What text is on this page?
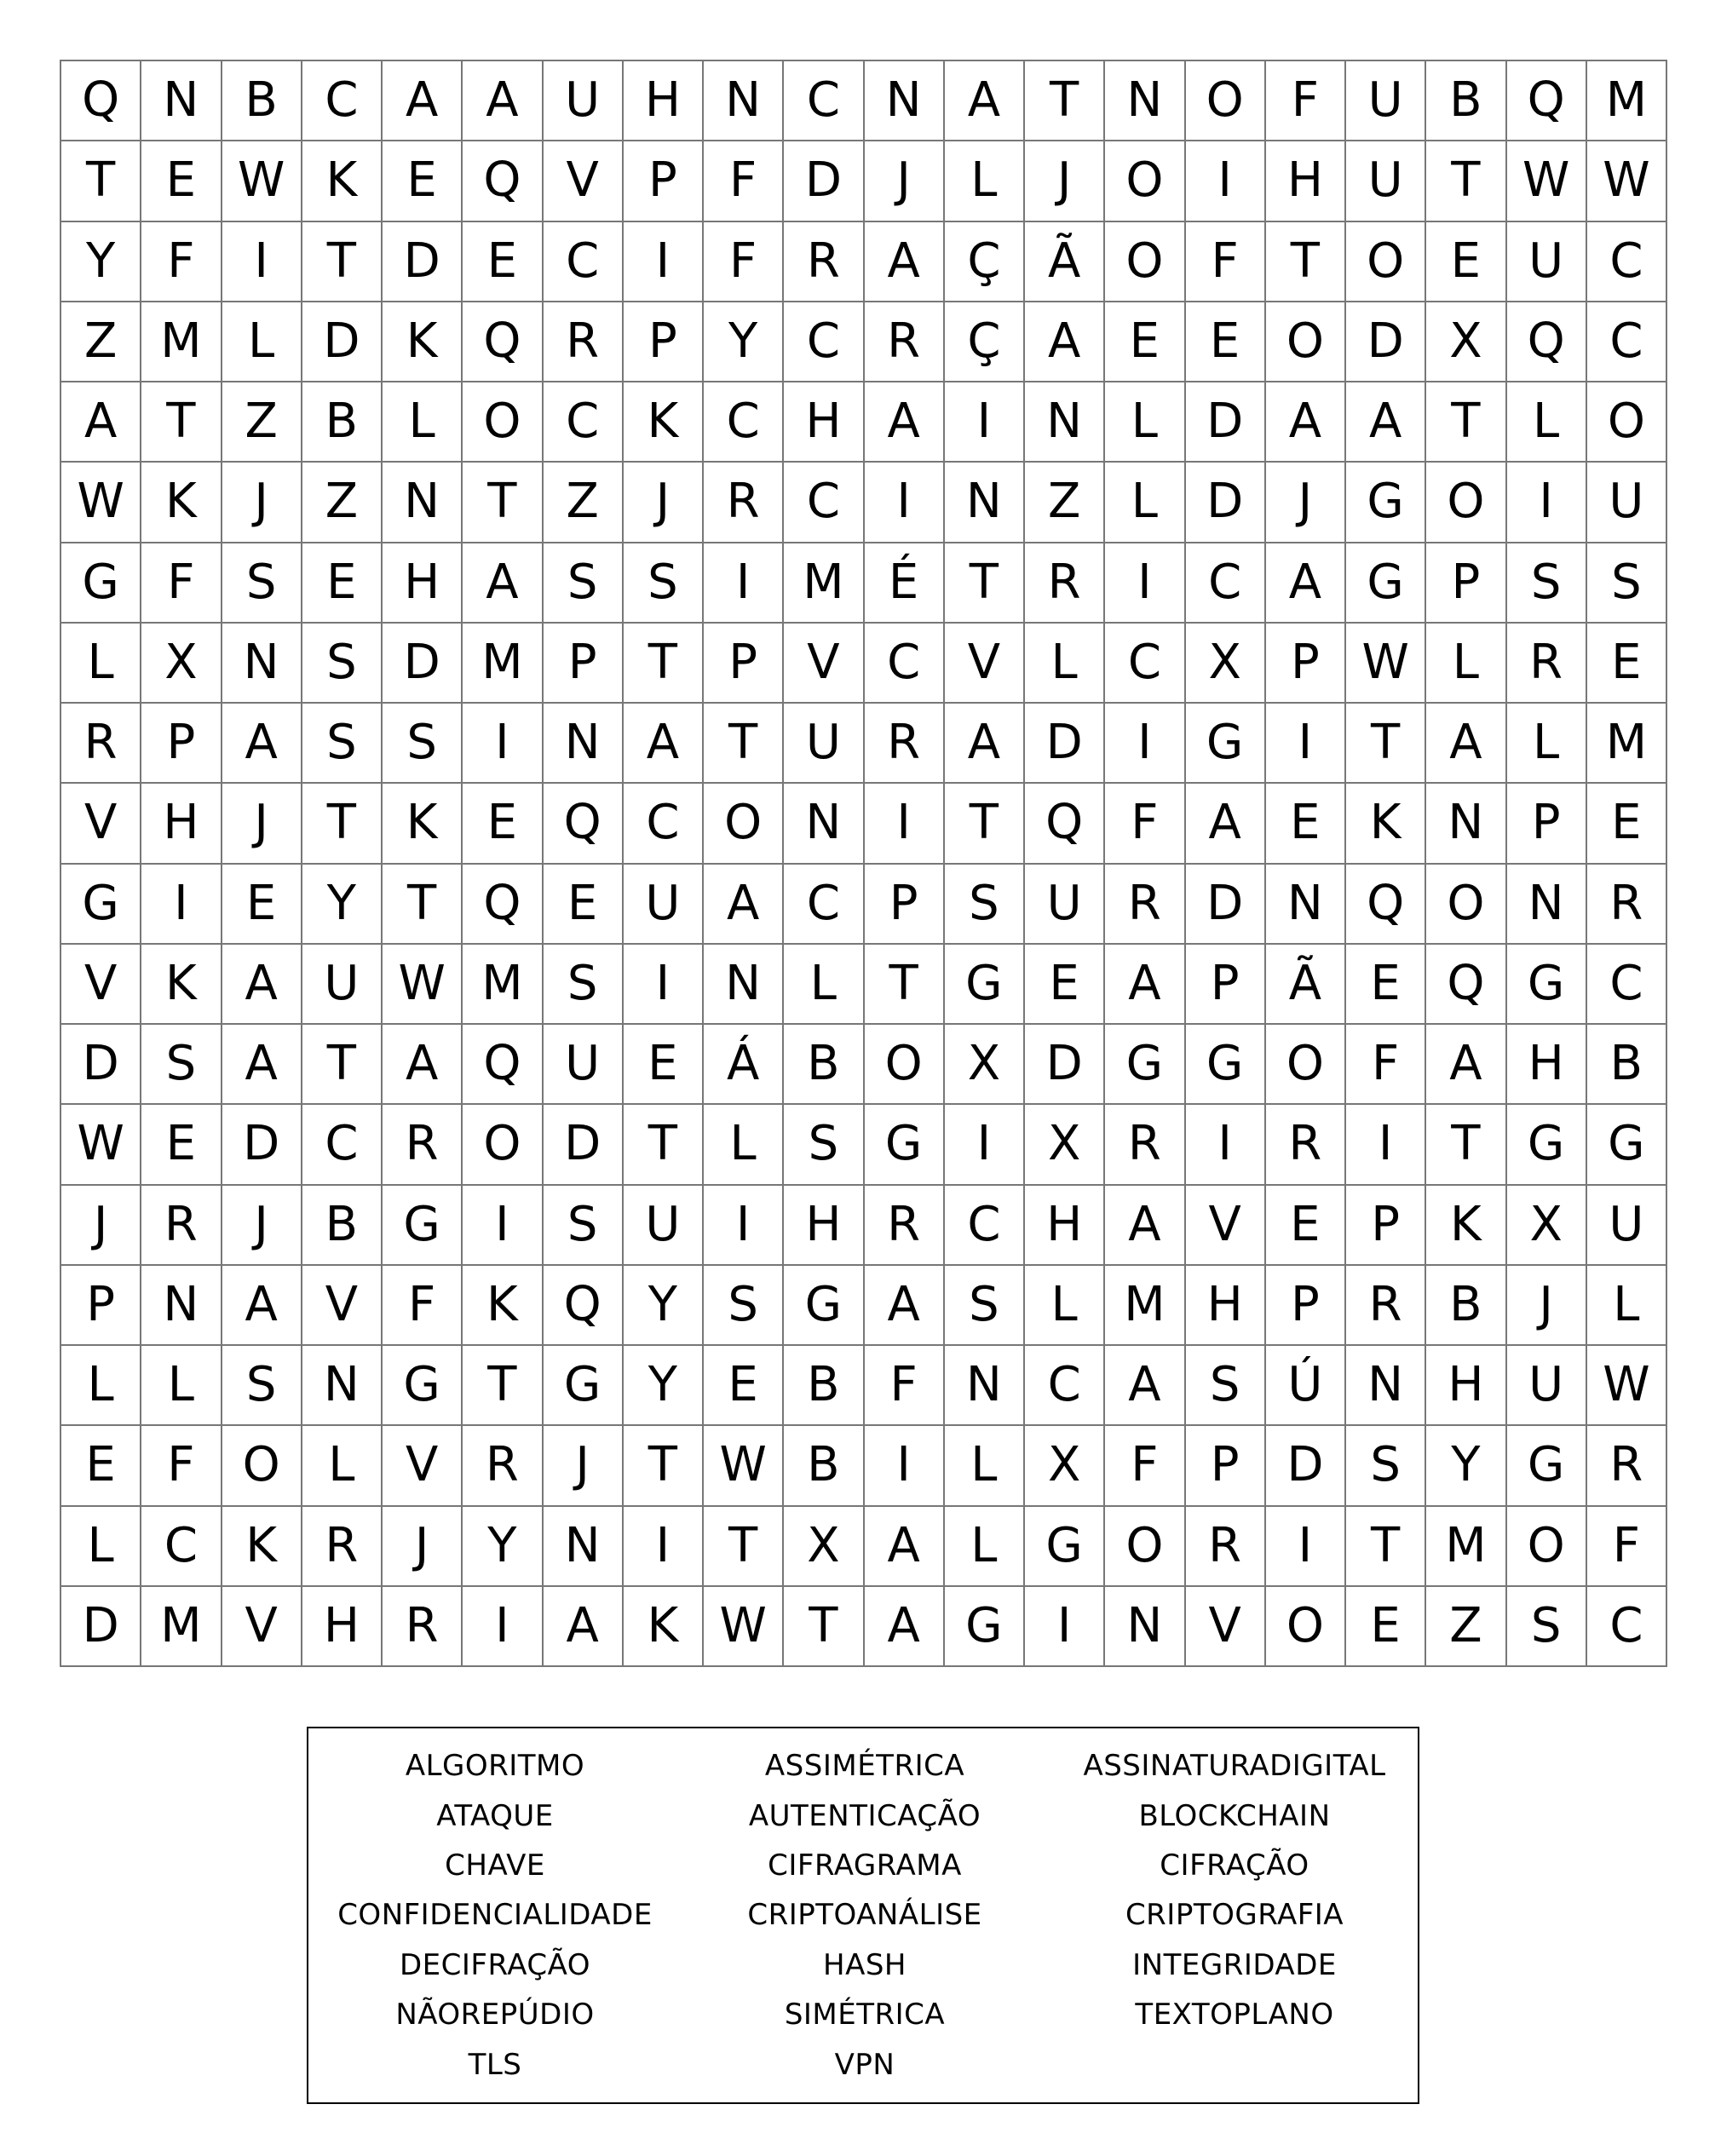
Q N B C A A U H N C N A	T	N O	F	U B Q M
T	E W K	E Q V	P	F	D	J	L	J	O	I	H U	T W W
Y	F	I	T D E	C	I	F	R A Ç Ã O	F	T O E	U C
Z M L	D K Q R	P	Y	C R Ç A	E	E O D X Q C
A	T	Z B	L	O C	K	C H A	I	N	L	D A A	T	L	O
W K	J	Z N	T	Z	J	R C	I	N Z	L	D	J	G O	I	U
G	F	S	E H A	S	S	I	M É	T	R	I	C A G P	S	S
L	X N S D M P	T	P	V C V	L	C X	P W L	R	E
R	P	A	S	S	I	N A	T	U R A D	I	G	I	T	A	L M
V H	J	T	K	E Q C O N	I	T Q	F	A	E	K N	P	E
G	I	E	Y	T Q E	U A C	P	S U R D N Q O N R
V	K	A U W M S	I	N	L	T G E	A	P	Ã	E Q G C
D S	A	T	A Q U	E	Á B O X D G G O	F	A H B
W E D C R O D T	L	S G	I	X R	I	R	I	T G G
J	R	J	B G	I	S U	I	H R C H A V	E	P	K	X U
P	N A V	F	K Q Y	S G A	S	L M H	P	R B	J	L
L	L	S N G T G Y	E	B	F	N C A	S Ú N H U W
E	F	O	L	V R	J	T W B	I	L	X	F	P D S	Y G R
L	C	K	R	J	Y	N	I	T	X A	L	G O R	I	T M O	F
D M V H R	I	A	K W T	A G	I	N V O E	Z	S	C
ALGORITMO	ASSIMÉTRICA	ASSINATURADIGITAL
ATAQUE	AUTENTICAÇÃO	BLOCKCHAIN
CHAVE	CIFRAGRAMA	CIFRAÇÃO
CONFIDENCIALIDADE	CRIPTOANÁLISE	CRIPTOGRAFIA
DECIFRAÇÃO	HASH	INTEGRIDADE
NÃOREPÚDIO	SIMÉTRICA	TEXTOPLANO
TLS	VPN
